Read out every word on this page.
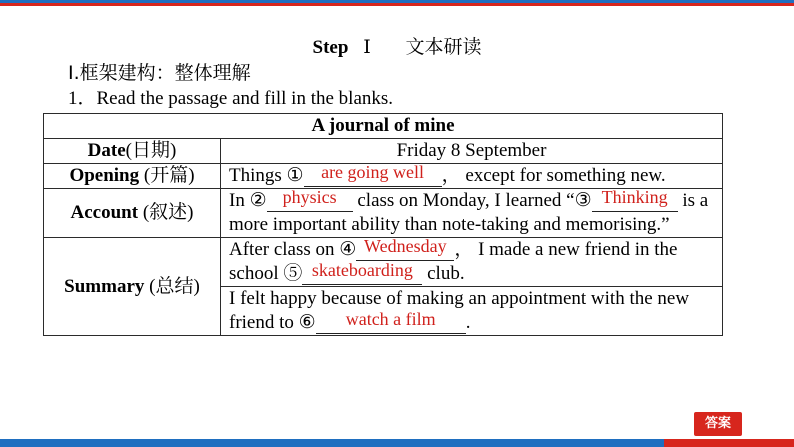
Step Ⅰ 文本研读
Ⅰ.框架建构：整体理解
1．Read the passage and fill in the blanks.
A journal of mine	
Date(日期)	Friday 8 September
Opening (开篇)	Things ① are going well ， except for something new.
Account (叙述)	In ② physics class on Monday, I learned “③ Thinking is a more important ability than note-taking and memorising.”
Summary (总结)	After class on ④ Wednesday ， I made a new friend in the school ⑤ skateboarding club.
	I felt happy because of making an appointment with the new friend to ⑥ watch a film .
答案
